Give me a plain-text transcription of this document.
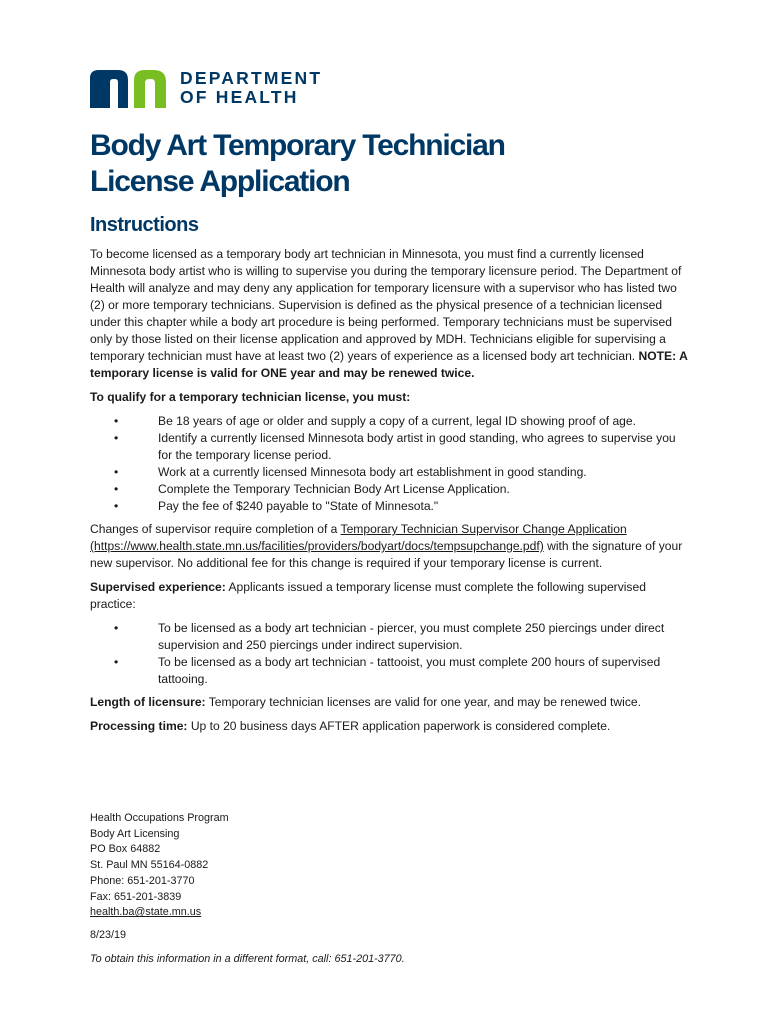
DEPARTMENT
OF HEALTH
Body Art Temporary Technician
License Application
Instructions

To become licensed as a temporary body art technician in Minnesota, you must find a currently licensed Minnesota body artist who is willing to supervise you during the temporary licensure period. The Department of Health will analyze and may deny any application for temporary licensure with a supervisor who has listed two (2) or more temporary technicians. Supervision is defined as the physical presence of a technician licensed under this chapter while a body art procedure is being performed. Temporary technicians must be supervised only by those listed on their license application and approved by MDH. Technicians eligible for supervising a temporary technician must have at least two (2) years of experience as a licensed body art technician. NOTE: A temporary license is valid for ONE year and may be renewed twice.

To qualify for a temporary technician license, you must:

•	Be 18 years of age or older and supply a copy of a current, legal ID showing proof of age.
•	Identify a currently licensed Minnesota body artist in good standing, who agrees to supervise you for the temporary license period.
•	Work at a currently licensed Minnesota body art establishment in good standing.
•	Complete the Temporary Technician Body Art License Application.
•	Pay the fee of $240 payable to "State of Minnesota."

Changes of supervisor require completion of a Temporary Technician Supervisor Change Application (https://www.health.state.mn.us/facilities/providers/bodyart/docs/tempsupchange.pdf) with the signature of your new supervisor. No additional fee for this change is required if your temporary license is current.

Supervised experience: Applicants issued a temporary license must complete the following supervised practice:

•	To be licensed as a body art technician - piercer, you must complete 250 piercings under direct supervision and 250 piercings under indirect supervision.
•	To be licensed as a body art technician - tattooist, you must complete 200 hours of supervised tattooing.

Length of licensure: Temporary technician licenses are valid for one year, and may be renewed twice.

Processing time: Up to 20 business days AFTER application paperwork is considered complete.

Health Occupations Program
Body Art Licensing
PO Box 64882
St. Paul MN 55164-0882
Phone: 651-201-3770
Fax: 651-201-3839
health.ba@state.mn.us
8/23/19
To obtain this information in a different format, call: 651-201-3770.
